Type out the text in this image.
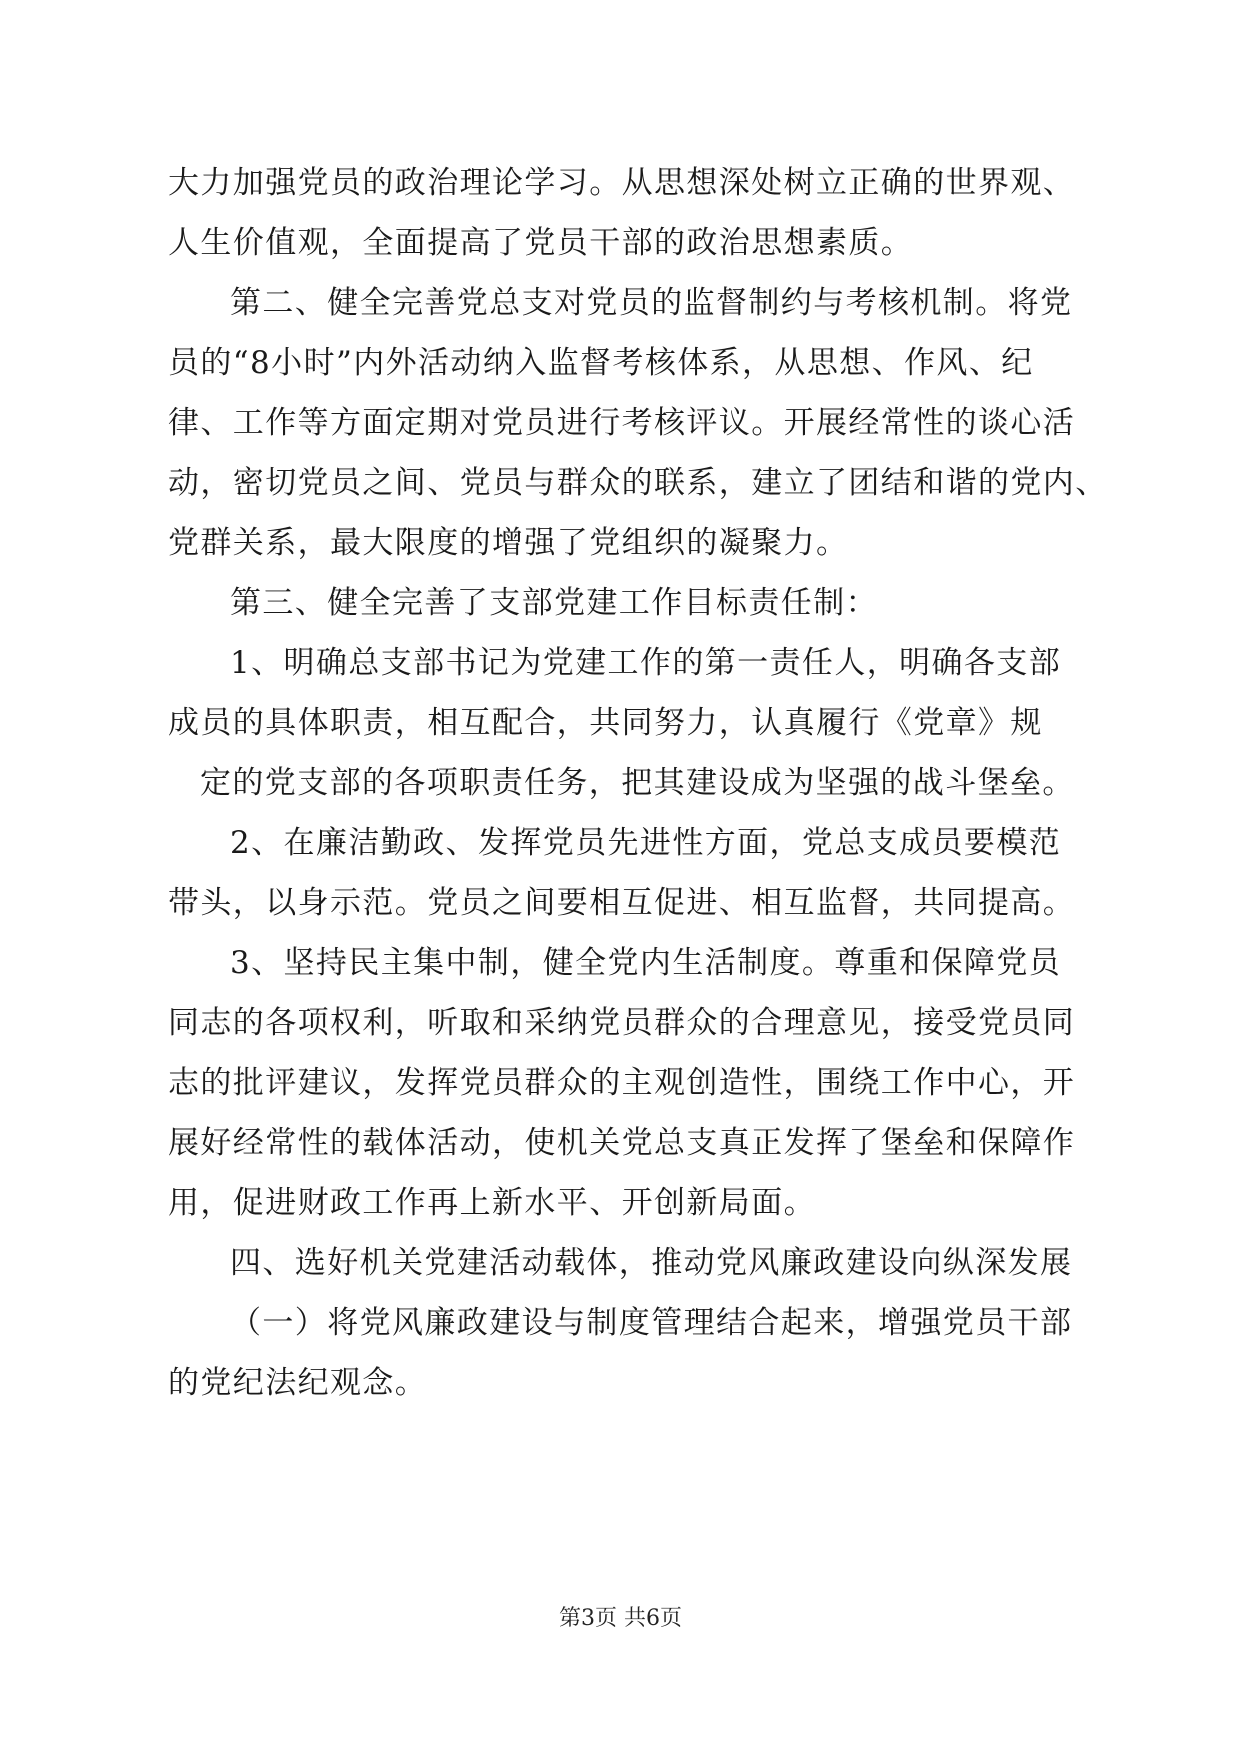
大力加强党员的政治理论学习。从思想深处树立正确的世界观、
人生价值观，全面提高了党员干部的政治思想素质。
第二、健全完善党总支对党员的监督制约与考核机制。将党
员的“8小时”内外活动纳入监督考核体系，从思想、作风、纪
律、工作等方面定期对党员进行考核评议。开展经常性的谈心活
动，密切党员之间、党员与群众的联系，建立了团结和谐的党内、
党群关系，最大限度的增强了党组织的凝聚力。
第三、健全完善了支部党建工作目标责任制：
1、明确总支部书记为党建工作的第一责任人，明确各支部
成员的具体职责，相互配合，共同努力，认真履行《党章》规
定的党支部的各项职责任务，把其建设成为坚强的战斗堡垒。
2、在廉洁勤政、发挥党员先进性方面，党总支成员要模范
带头，以身示范。党员之间要相互促进、相互监督，共同提高。
3、坚持民主集中制，健全党内生活制度。尊重和保障党员
同志的各项权利，听取和采纳党员群众的合理意见，接受党员同
志的批评建议，发挥党员群众的主观创造性，围绕工作中心，开
展好经常性的载体活动，使机关党总支真正发挥了堡垒和保障作
用，促进财政工作再上新水平、开创新局面。
四、选好机关党建活动载体，推动党风廉政建设向纵深发展
（一）将党风廉政建设与制度管理结合起来，增强党员干部
的党纪法纪观念。
第3页 共6页
